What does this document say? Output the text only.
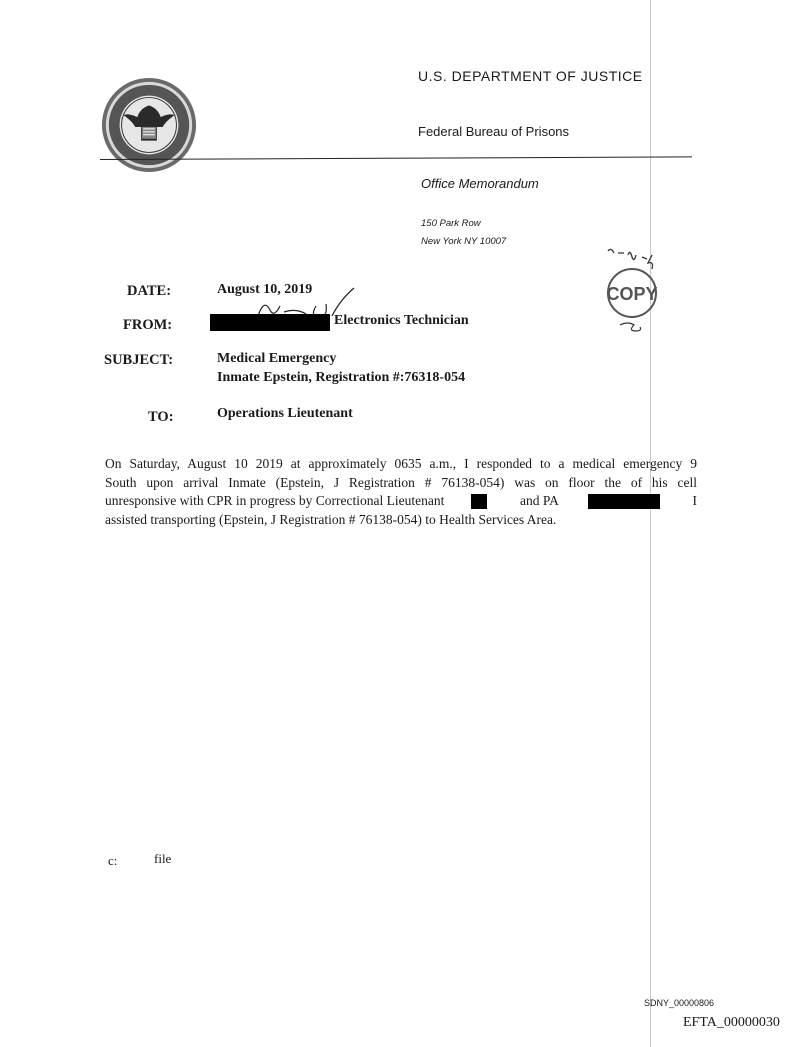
U.S. DEPARTMENT OF JUSTICE
Federal Bureau of Prisons
Office Memorandum
150 Park Row
New York NY 10007
COPY
DATE:	August 10, 2019
FROM:	Electronics Technician
SUBJECT:	Medical Emergency
Inmate Epstein, Registration #:76318-054
TO:	Operations Lieutenant
On Saturday, August 10 2019 at approximately 0635 a.m., I responded to a medical emergency 9
South upon arrival Inmate (Epstein, J Registration # 76138-054) was on floor the of his cell
unresponsive with CPR in progress by Correctional Lieutenant	and PA	I
assisted transporting (Epstein, J Registration # 76138-054) to Health Services Area.
c:	file
SDNY_00000806
EFTA_00000030
